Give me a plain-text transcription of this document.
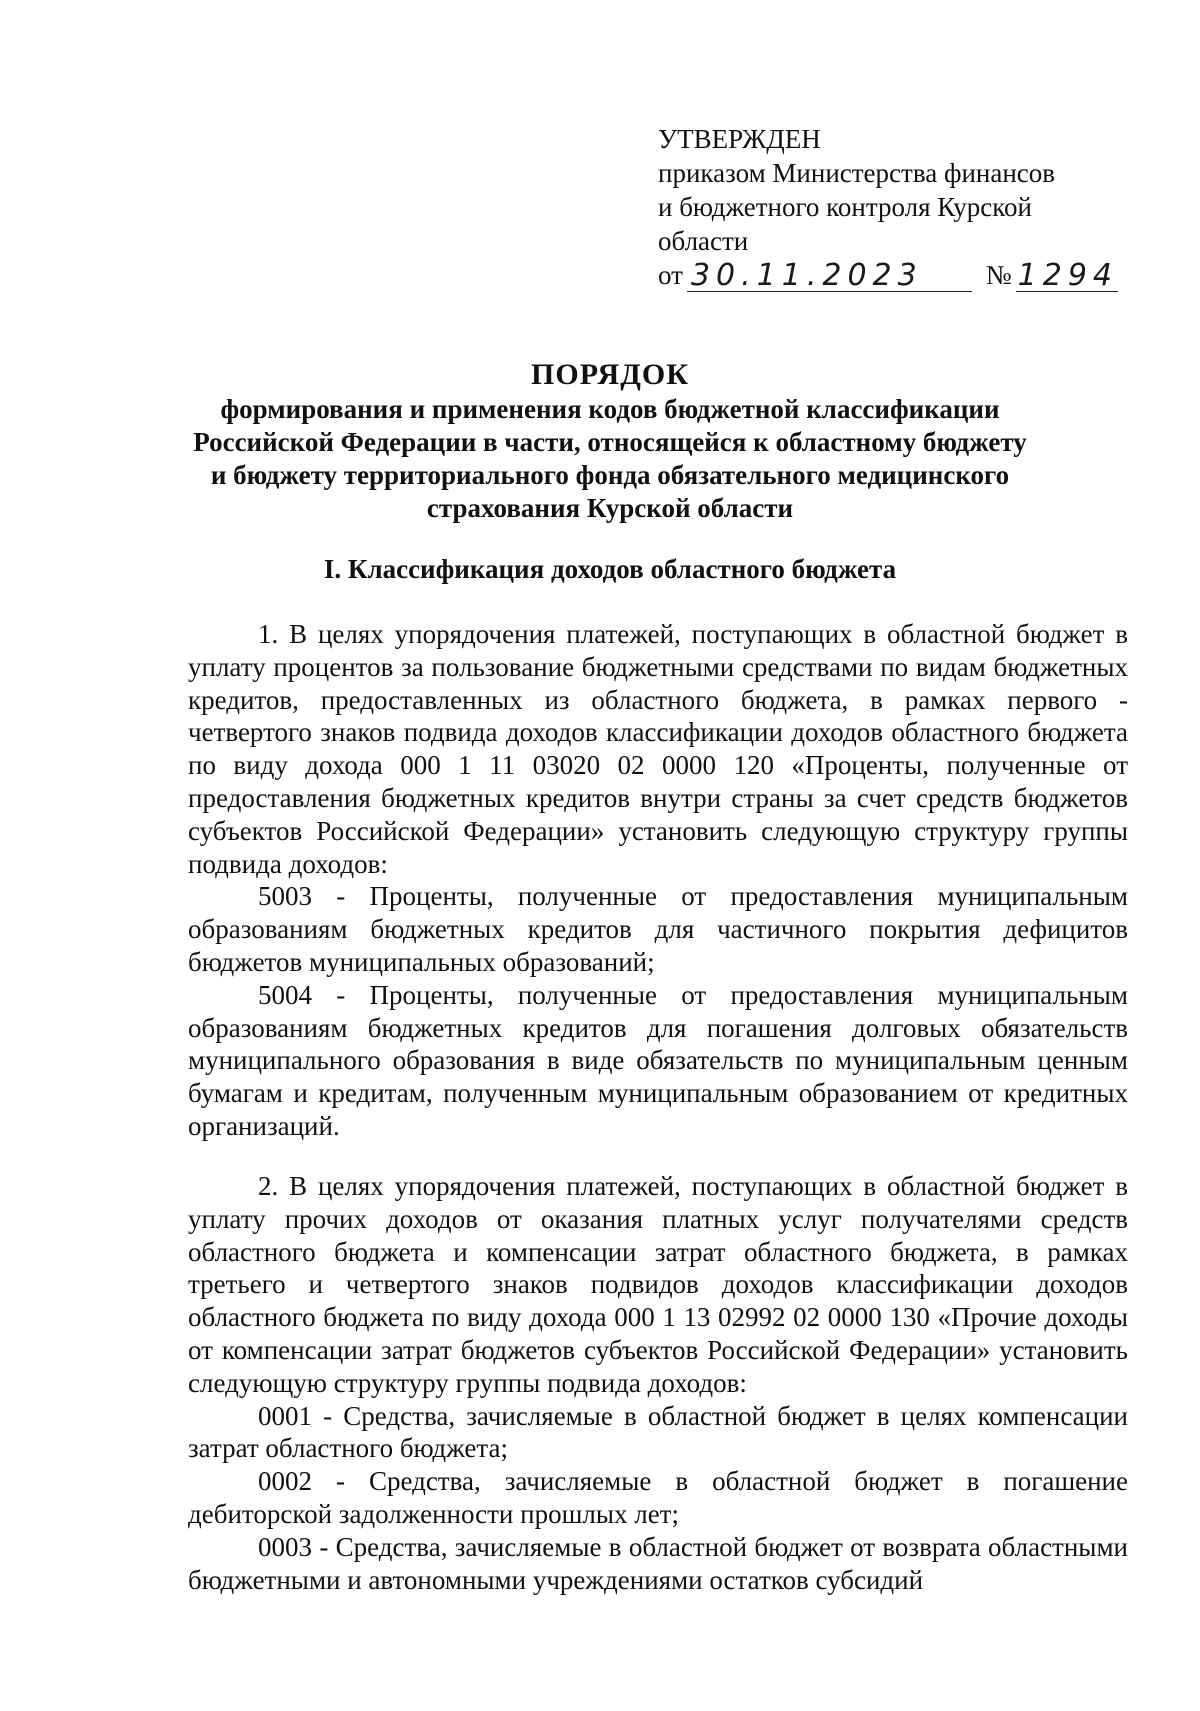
УТВЕРЖДЕН
приказом Министерства финансов
и бюджетного контроля Курской
области
от 30.11.2023	№ 1294
ПОРЯДОК
формирования и применения кодов бюджетной классификации
Российской Федерации в части, относящейся к областному бюджету
и бюджету территориального фонда обязательного медицинского
страхования Курской области
I. Классификация доходов областного бюджета

1. В целях упорядочения платежей, поступающих в областной бюджет в уплату процентов за пользование бюджетными средствами по видам бюджетных кредитов, предоставленных из областного бюджета, в рамках первого - четвертого знаков подвида доходов классификации доходов областного бюджета по виду дохода 000 1 11 03020 02 0000 120 «Проценты, полученные от предоставления бюджетных кредитов внутри страны за счет средств бюджетов субъектов Российской Федерации» установить следующую структуру группы подвида доходов:

5003 - Проценты, полученные от предоставления муниципальным образованиям бюджетных кредитов для частичного покрытия дефицитов бюджетов муниципальных образований;

5004 - Проценты, полученные от предоставления муниципальным образованиям бюджетных кредитов для погашения долговых обязательств муниципального образования в виде обязательств по муниципальным ценным бумагам и кредитам, полученным муниципальным образованием от кредитных организаций.

2. В целях упорядочения платежей, поступающих в областной бюджет в уплату прочих доходов от оказания платных услуг получателями средств областного бюджета и компенсации затрат областного бюджета, в рамках третьего и четвертого знаков подвидов доходов классификации доходов областного бюджета по виду дохода 000 1 13 02992 02 0000 130 «Прочие доходы от компенсации затрат бюджетов субъектов Российской Федерации» установить следующую структуру группы подвида доходов:

0001 - Средства, зачисляемые в областной бюджет в целях компенсации затрат областного бюджета;

0002 - Средства, зачисляемые в областной бюджет в погашение дебиторской задолженности прошлых лет;

0003 - Средства, зачисляемые в областной бюджет от возврата областными бюджетными и автономными учреждениями остатков субсидий
